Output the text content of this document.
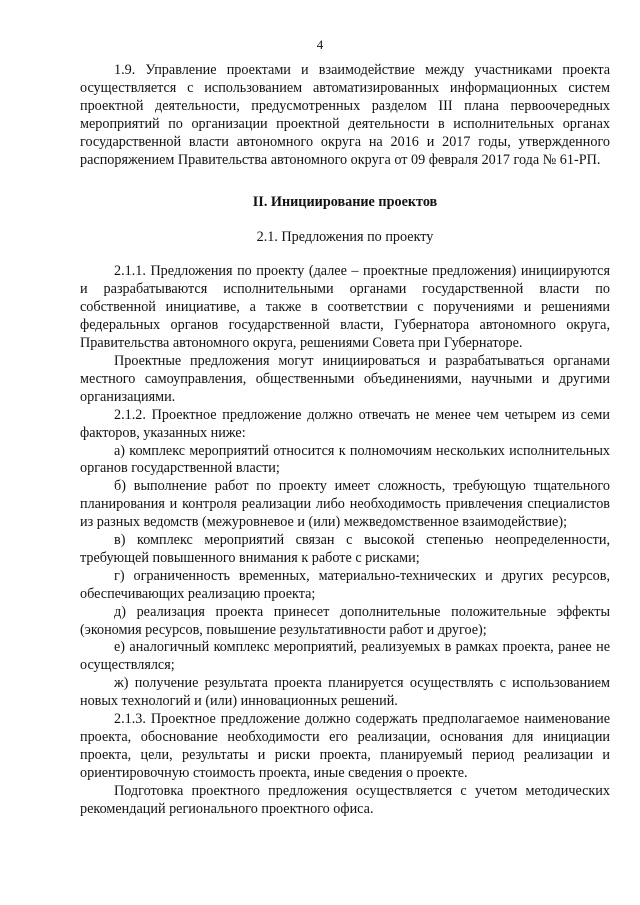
4

1.9. Управление проектами и взаимодействие между участниками проекта осуществляется с использованием автоматизированных информационных систем проектной деятельности, предусмотренных разделом III плана первоочередных мероприятий по организации проектной деятельности в исполнительных органах государственной власти автономного округа на 2016 и 2017 годы, утвержденного распоряжением Правительства автономного округа от 09 февраля 2017 года № 61-РП.

II. Инициирование проектов
2.1. Предложения по проекту

2.1.1. Предложения по проекту (далее – проектные предложения) инициируются и разрабатываются исполнительными органами государственной власти по собственной инициативе, а также в соответствии с поручениями и решениями федеральных органов государственной власти, Губернатора автономного округа, Правительства автономного округа, решениями Совета при Губернаторе.

Проектные предложения могут инициироваться и разрабатываться органами местного самоуправления, общественными объединениями, научными и другими организациями.

2.1.2. Проектное предложение должно отвечать не менее чем четырем из семи факторов, указанных ниже:

а) комплекс мероприятий относится к полномочиям нескольких исполнительных органов государственной власти;

б) выполнение работ по проекту имеет сложность, требующую тщательного планирования и контроля реализации либо необходимость привлечения специалистов из разных ведомств (межуровневое и (или) межведомственное взаимодействие);

в) комплекс мероприятий связан с высокой степенью неопределенности, требующей повышенного внимания к работе с рисками;

г) ограниченность временных, материально-технических и других ресурсов, обеспечивающих реализацию проекта;

д) реализация проекта принесет дополнительные положительные эффекты (экономия ресурсов, повышение результативности работ и другое);

е) аналогичный комплекс мероприятий, реализуемых в рамках проекта, ранее не осуществлялся;

ж) получение результата проекта планируется осуществлять с использованием новых технологий и (или) инновационных решений.

2.1.3. Проектное предложение должно содержать предполагаемое наименование проекта, обоснование необходимости его реализации, основания для инициации проекта, цели, результаты и риски проекта, планируемый период реализации и ориентировочную стоимость проекта, иные сведения о проекте.

Подготовка проектного предложения осуществляется с учетом методических рекомендаций регионального проектного офиса.
